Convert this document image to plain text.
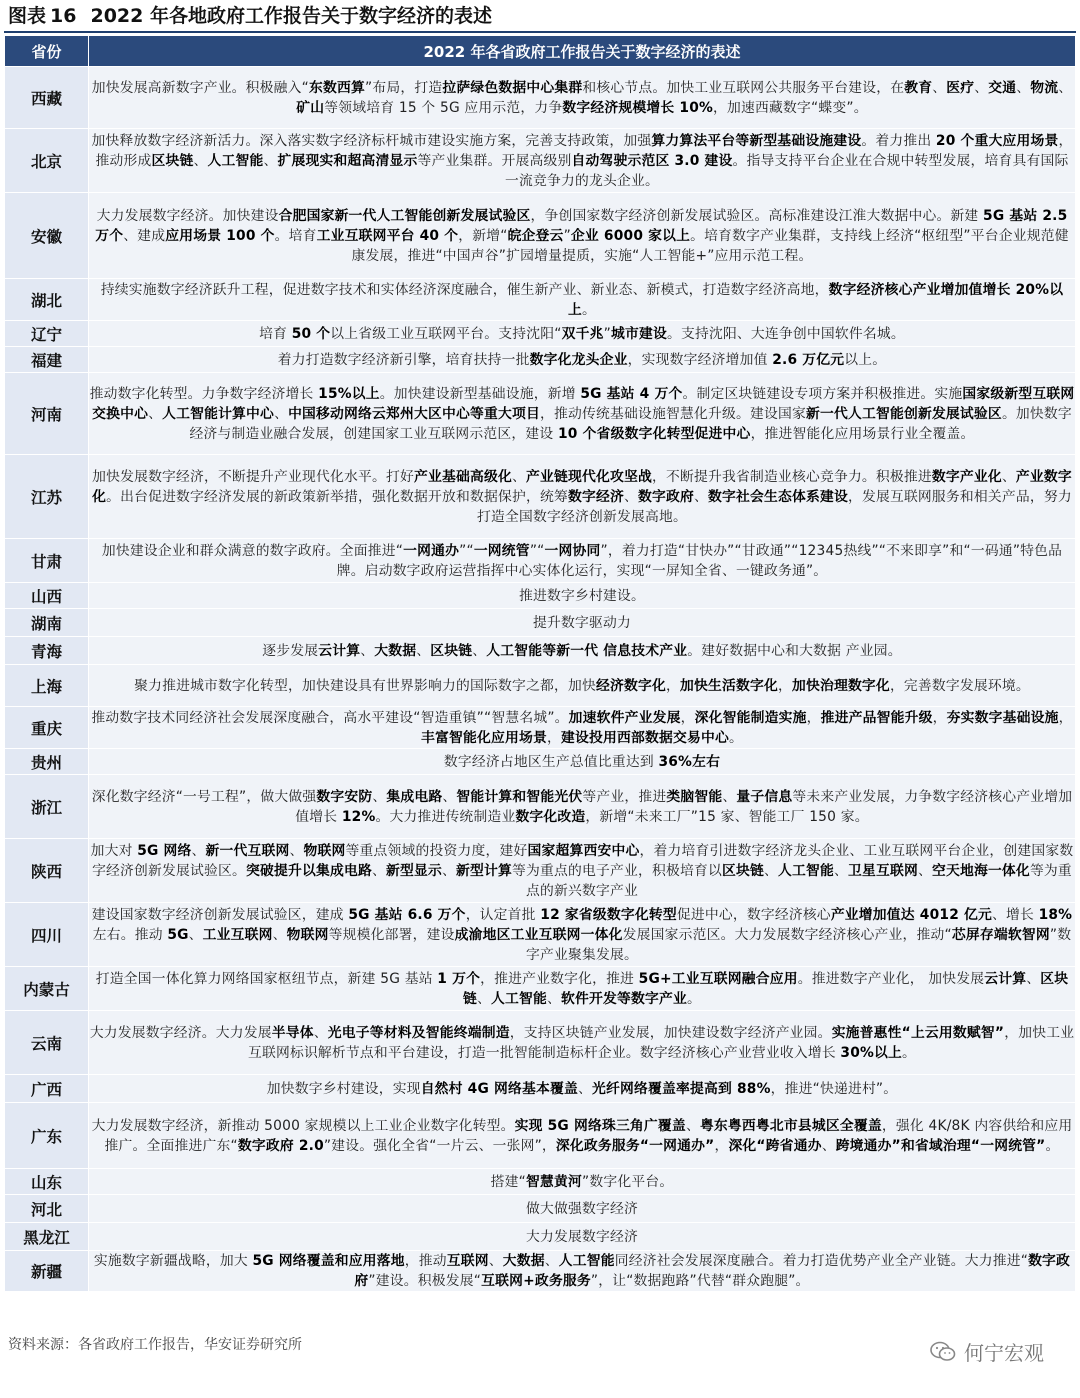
图表 16 2022 年各地政府工作报告关于数字经济的表述
省份	2022 年各省政府工作报告关于数字经济的表述
西藏	加快发展高新数字产业。积极融入“东数西算”布局，打造拉萨绿色数据中心集群和核心节点。加快工业互联网公共服务平台建设，在教育、医疗、交通、物流、矿山等领域培育 15 个 5G 应用示范，力争数字经济规模增长 10%，加速西藏数字“蝶变”。
北京	加快释放数字经济新活力。深入落实数字经济标杆城市建设实施方案，完善支持政策，加强算力算法平台等新型基础设施建设。着力推出 20 个重大应用场景，推动形成区块链、人工智能、扩展现实和超高清显示等产业集群。开展高级别自动驾驶示范区 3.0 建设。指导支持平台企业在合规中转型发展，培育具有国际一流竞争力的龙头企业。
安徽	大力发展数字经济。加快建设合肥国家新一代人工智能创新发展试验区，争创国家数字经济创新发展试验区。高标准建设江淮大数据中心。新建 5G 基站 2.5 万个、建成应用场景 100 个。培育工业互联网平台 40 个，新增“皖企登云”企业 6000 家以上。培育数字产业集群，支持线上经济“枢纽型”平台企业规范健康发展，推进“中国声谷”扩园增量提质，实施“人工智能+”应用示范工程。
湖北	持续实施数字经济跃升工程，促进数字技术和实体经济深度融合，催生新产业、新业态、新模式，打造数字经济高地，数字经济核心产业增加值增长 20%以上。
辽宁	培育 50 个以上省级工业互联网平台。支持沈阳“双千兆”城市建设。支持沈阳、大连争创中国软件名城。
福建	着力打造数字经济新引擎，培育扶持一批数字化龙头企业，实现数字经济增加值 2.6 万亿元以上。
河南	推动数字化转型。力争数字经济增长 15%以上。加快建设新型基础设施，新增 5G 基站 4 万个。制定区块链建设专项方案并积极推进。实施国家级新型互联网交换中心、人工智能计算中心、中国移动网络云郑州大区中心等重大项目，推动传统基础设施智慧化升级。建设国家新一代人工智能创新发展试验区。加快数字经济与制造业融合发展，创建国家工业互联网示范区，建设 10 个省级数字化转型促进中心，推进智能化应用场景行业全覆盖。
江苏	加快发展数字经济，不断提升产业现代化水平。打好产业基础高级化、产业链现代化攻坚战，不断提升我省制造业核心竞争力。积极推进数字产业化、产业数字化。出台促进数字经济发展的新政策新举措，强化数据开放和数据保护，统筹数字经济、数字政府、数字社会生态体系建设，发展互联网服务和相关产品，努力打造全国数字经济创新发展高地。
甘肃	加快建设企业和群众满意的数字政府。全面推进“一网通办”“一网统管”“一网协同”，着力打造“甘快办”“甘政通”“12345热线”“不来即享”和“一码通”特色品牌。启动数字政府运营指挥中心实体化运行，实现“一屏知全省、一键政务通”。
山西	推进数字乡村建设。
湖南	提升数字驱动力
青海	逐步发展云计算、大数据、区块链、人工智能等新一代 信息技术产业。建好数据中心和大数据 产业园。
上海	聚力推进城市数字化转型，加快建设具有世界影响力的国际数字之都，加快经济数字化，加快生活数字化，加快治理数字化，完善数字发展环境。
重庆	推动数字技术同经济社会发展深度融合，高水平建设“智造重镇”“智慧名城”。加速软件产业发展，深化智能制造实施，推进产品智能升级，夯实数字基础设施，丰富智能化应用场景，建设投用西部数据交易中心。
贵州	数字经济占地区生产总值比重达到 36%左右
浙江	深化数字经济“一号工程”，做大做强数字安防、集成电路、智能计算和智能光伏等产业，推进类脑智能、量子信息等未来产业发展，力争数字经济核心产业增加值增长 12%。大力推进传统制造业数字化改造，新增“未来工厂”15 家、智能工厂 150 家。
陕西	加大对 5G 网络、新一代互联网、物联网等重点领域的投资力度，建好国家超算西安中心，着力培育引进数字经济龙头企业、工业互联网平台企业，创建国家数字经济创新发展试验区。突破提升以集成电路、新型显示、新型计算等为重点的电子产业，积极培育以区块链、人工智能、卫星互联网、空天地海一体化等为重点的新兴数字产业
四川	建设国家数字经济创新发展试验区，建成 5G 基站 6.6 万个，认定首批 12 家省级数字化转型促进中心，数字经济核心产业增加值达 4012 亿元、增长 18%左右。推动 5G、工业互联网、物联网等规模化部署，建设成渝地区工业互联网一体化发展国家示范区。大力发展数字经济核心产业，推动“芯屏存端软智网”数字产业聚集发展。
内蒙古	打造全国一体化算力网络国家枢纽节点，新建 5G 基站 1 万个，推进产业数字化，推进 5G+工业互联网融合应用。推进数字产业化， 加快发展云计算、区块链、人工智能、软件开发等数字产业。
云南	大力发展数字经济。大力发展半导体、光电子等材料及智能终端制造，支持区块链产业发展，加快建设数字经济产业园。实施普惠性“上云用数赋智”，加快工业互联网标识解析节点和平台建设，打造一批智能制造标杆企业。数字经济核心产业营业收入增长 30%以上。
广西	加快数字乡村建设，实现自然村 4G 网络基本覆盖、光纤网络覆盖率提高到 88%，推进“快递进村”。
广东	大力发展数字经济，新推动 5000 家规模以上工业企业数字化转型。实现 5G 网络珠三角广覆盖、粤东粤西粤北市县城区全覆盖，强化 4K/8K 内容供给和应用推广。全面推进广东“数字政府 2.0”建设。强化全省“一片云、一张网”，深化政务服务“一网通办”，深化“跨省通办、跨境通办”和省域治理“一网统管”。
山东	搭建“智慧黄河”数字化平台。
河北	做大做强数字经济
黑龙江	大力发展数字经济
新疆	实施数字新疆战略，加大 5G 网络覆盖和应用落地，推动互联网、大数据、人工智能同经济社会发展深度融合。着力打造优势产业全产业链。大力推进“数字政府”建设。积极发展“互联网+政务服务”，让“数据跑路”代替“群众跑腿”。
资料来源：各省政府工作报告，华安证券研究所	何宁宏观
